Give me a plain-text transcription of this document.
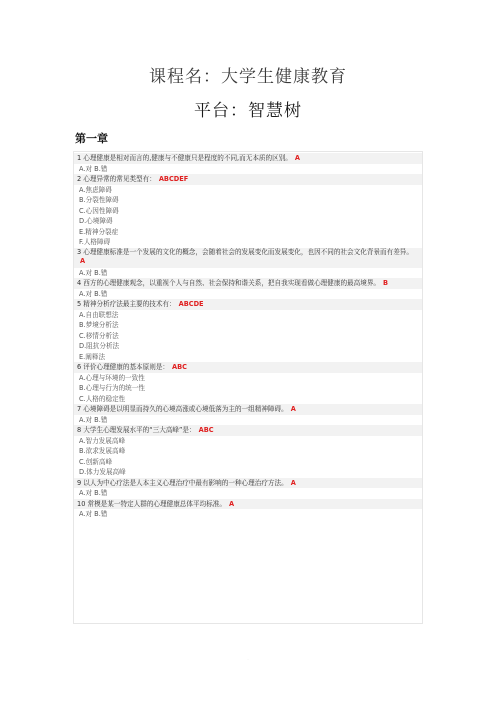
课程名：大学生健康教育
平台：智慧树
第一章
1 心理健康是相对而言的,健康与不健康只是程度的不同,而无本质的区别。 A
A.对 B.错
2 心理异常的常见类型有： ABCDEF
A.焦虑障碍
B.分裂性障碍
C.心因性障碍
D.心境障碍
E.精神分裂症
F.人格障碍
3 心理健康标准是一个发展的文化的概念，会随着社会的发展变化而发展变化，也因不同的社会文化背景而有差异。A
A.对 B.错
4 西方的心理健康观念，以重视个人与自然、社会保持和谐关系，把自我实现看做心理健康的最高境界。 B
A.对 B.错
5 精神分析疗法最主要的技术有： ABCDE
A.自由联想法
B.梦境分析法
C.移情分析法
D.阻抗分析法
E.阐释法
6 评价心理健康的基本原则是： ABC
A.心理与环境的一致性
B.心理与行为的统一性
C.人格的稳定性
7 心境障碍是以明显而持久的心境高涨或心境低落为主的一组精神障碍。 A
A.对 B.错
8 大学生心理发展水平的“三大高峰”是： ABC
A.智力发展高峰
B.欲求发展高峰
C.创新高峰
D.体力发展高峰
9 以人为中心疗法是人本主义心理治疗中最有影响的一种心理治疗方法。 A
A.对 B.错
10 常模是某一特定人群的心理健康总体平均标准。 A
A.对 B.错
·
